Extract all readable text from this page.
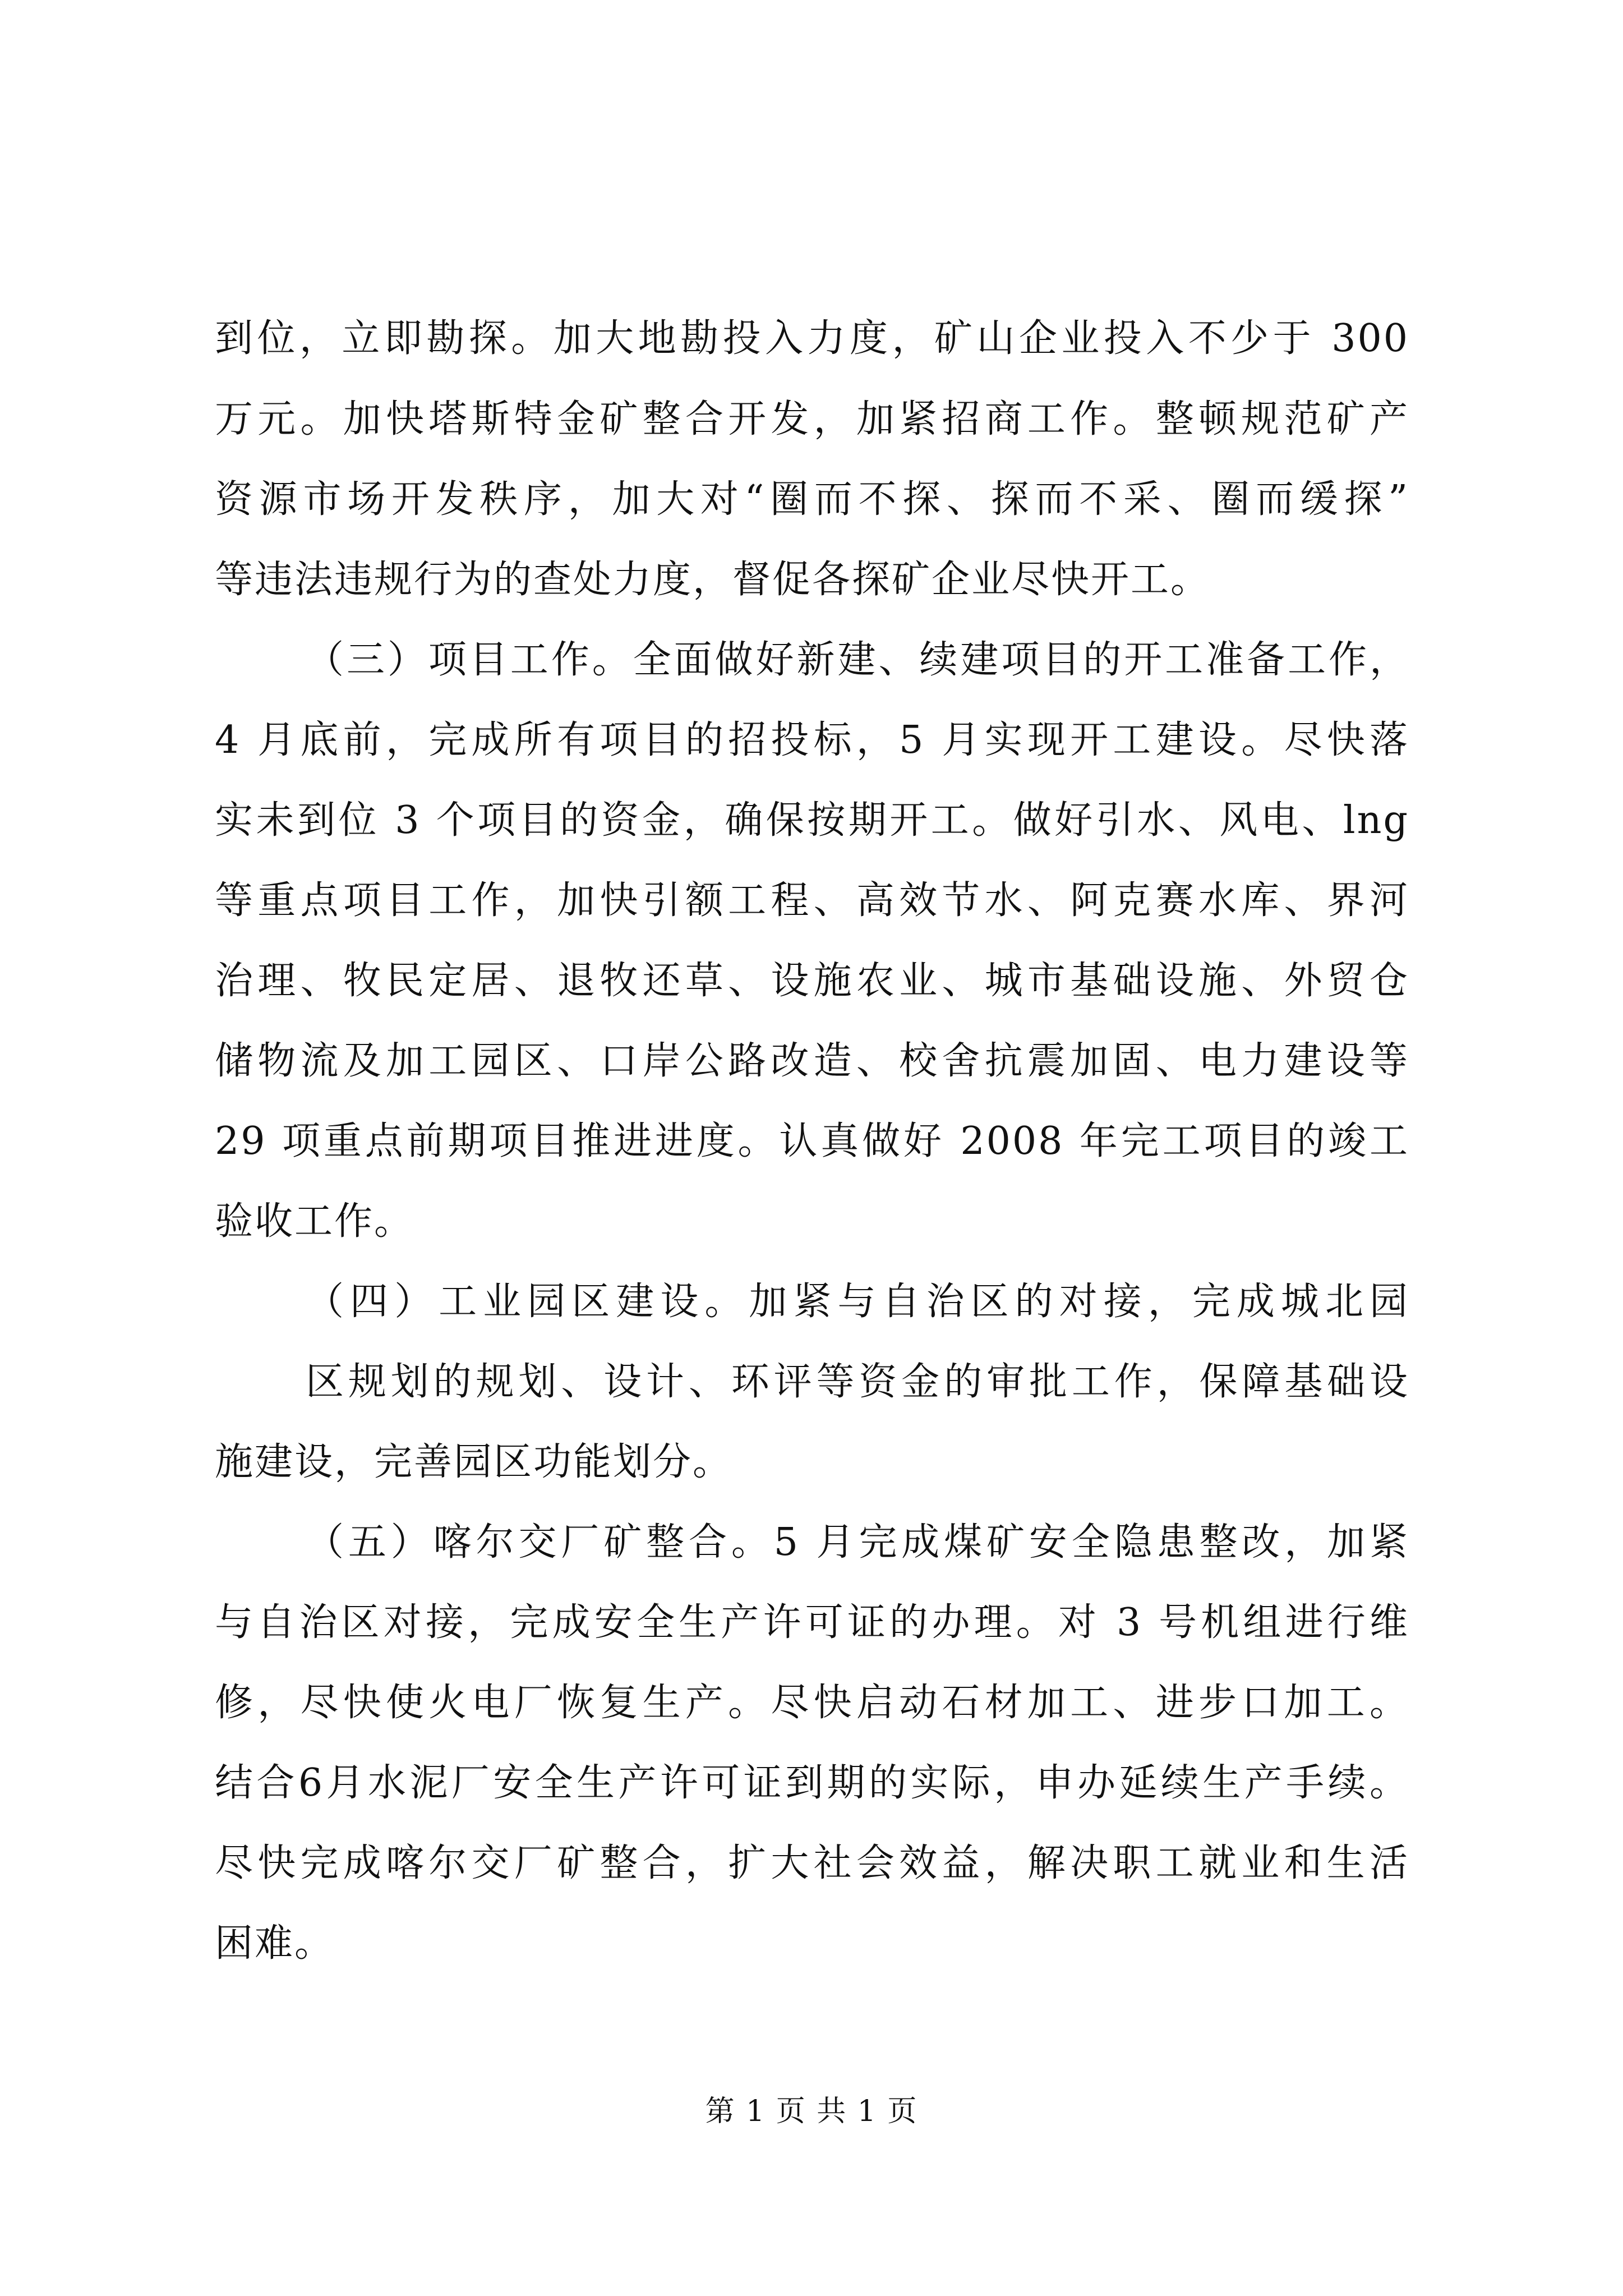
到位，立即勘探。加大地勘投入力度，矿山企业投入不少于 300
万元。加快塔斯特金矿整合开发，加紧招商工作。整顿规范矿产
资源市场开发秩序，加大对“圈而不探、探而不采、圈而缓探”
等违法违规行为的查处力度，督促各探矿企业尽快开工。
（三）项目工作。全面做好新建、续建项目的开工准备工作，
4 月底前，完成所有项目的招投标，5 月实现开工建设。尽快落
实未到位 3 个项目的资金，确保按期开工。做好引水、风电、lng
等重点项目工作，加快引额工程、高效节水、阿克赛水库、界河
治理、牧民定居、退牧还草、设施农业、城市基础设施、外贸仓
储物流及加工园区、口岸公路改造、校舍抗震加固、电力建设等
29 项重点前期项目推进进度。认真做好 2008 年完工项目的竣工
验收工作。
（四）工业园区建设。加紧与自治区的对接，完成城北园
区规划的规划、设计、环评等资金的审批工作，保障基础设
施建设，完善园区功能划分。
（五）喀尔交厂矿整合。5 月完成煤矿安全隐患整改，加紧
与自治区对接，完成安全生产许可证的办理。对 3 号机组进行维
修，尽快使火电厂恢复生产。尽快启动石材加工、进步口加工。
结合6月水泥厂安全生产许可证到期的实际，申办延续生产手续。
尽快完成喀尔交厂矿整合，扩大社会效益，解决职工就业和生活
困难。
第 1 页 共 1 页
